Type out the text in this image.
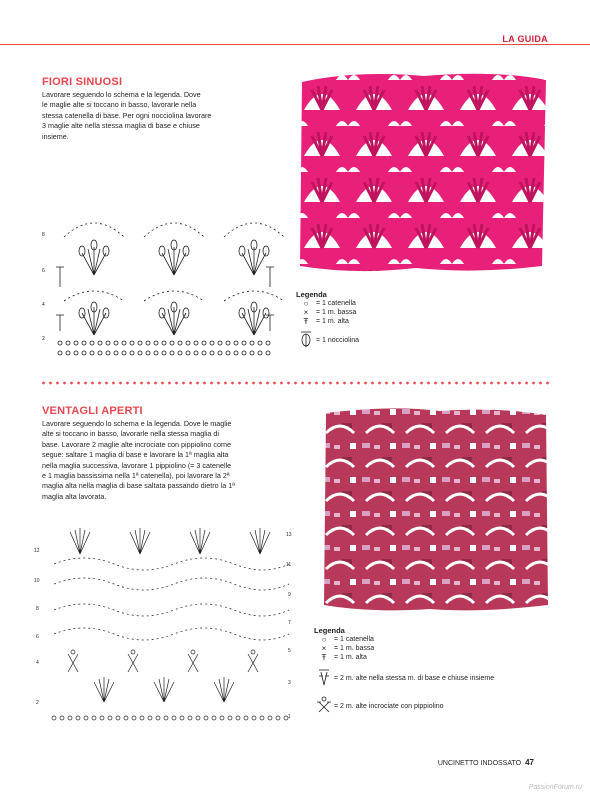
LA GUIDA
FIORI SINUOSI
Lavorare seguendo lo schema e la legenda. Dove
le maglie alte si toccano in basso, lavorarle nella
stessa catenella di base. Per ogni nocciolina lavorare
3 maglie alte nella stessa maglia di base e chiuse
insieme.
8
6
4
2
Legenda
○	= 1 catenella
×	= 1 m. bassa
Ŧ	= 1 m. alta
= 1 nocciolina
VENTAGLI APERTI
Lavorare seguendo lo schema e la legenda. Dove le maglie
alte si toccano in basso, lavorarle nella stessa maglia di
base. Lavorare 2 maglie alte incrociate con pippiolino come
segue: saltare 1 maglia di base e lavorare la 1ª maglia alta
nella maglia successiva, lavorare 1 pippiolino (= 3 catenelle
e 1 maglia bassissima nella 1ª catenella), poi lavorare la 2ª
maglia alta nella maglia di base saltata passando dietro la 1ª
maglia alta lavorata.
12
10
8
6
4
2
13
11
9
7
5
3
1
Legenda
○	= 1 catenella
×	= 1 m. bassa
Ŧ	= 1 m. alta
= 2 m. alte nella stessa m. di base e chiuse insieme
= 2 m. alte incrociate con pippiolino
UNCINETTO INDOSSATO 47
PassionForum.ru
